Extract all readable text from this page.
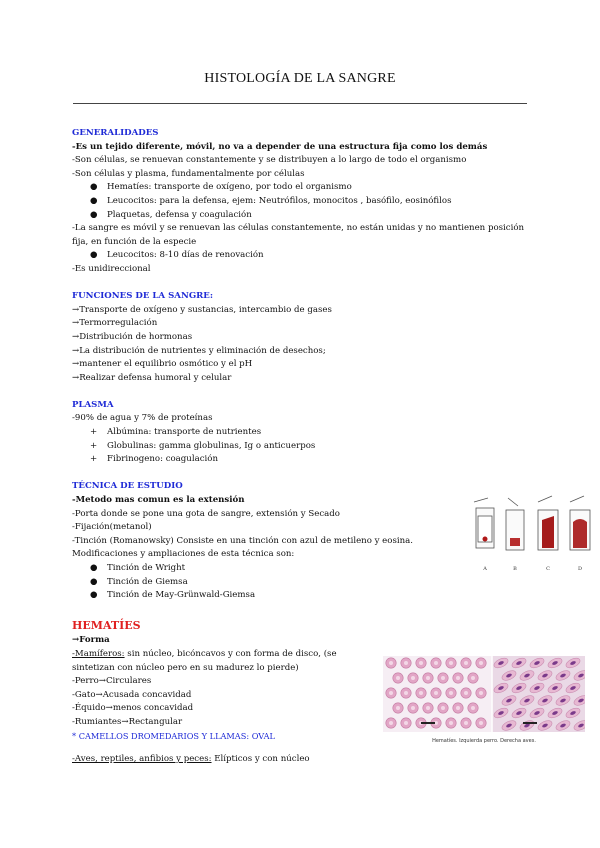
HISTOLOGÍA DE LA SANGRE
GENERALIDADES
-Es un tejido diferente, móvil, no va a depender de una estructura fija como los demás
-Son células, se renuevan constantemente y se distribuyen a lo largo de todo el organismo
-Son células y plasma, fundamentalmente por células
● Hematíes: transporte de oxígeno, por todo el organismo
● Leucocitos: para la defensa, ejem: Neutrófilos, monocitos , basófilo, eosinófilos
● Plaquetas, defensa y coagulación
-La sangre es móvil y se renuevan las células constantemente, no están unidas y no mantienen posición fija, en función de la especie
● Leucocitos: 8-10 días de renovación
-Es unidireccional
FUNCIONES DE LA SANGRE:
→Transporte de oxígeno y sustancias, intercambio de gases
→Termorregulación
→Distribución de hormonas
→La distribución de nutrientes y eliminación de desechos;
→mantener el equilibrio osmótico y el pH
→Realizar defensa humoral y celular
PLASMA
-90% de agua y 7% de proteínas
+ Albúmina: transporte de nutrientes
+ Globulinas: gamma globulinas, Ig o anticuerpos
+ Fibrinogeno: coagulación
TÉCNICA DE ESTUDIO
-Metodo mas comun es la extensión
-Porta donde se pone una gota de sangre, extensión y Secado
-Fijación(metanol)
-Tinción (Romanowsky) Consiste en una tinción con azul de metileno y eosina.
Modificaciones y ampliaciones de esta técnica son:
● Tinción de Wright
● Tinción de Giemsa
● Tinción de May-Grünwald-Giemsa
HEMATÍES
→Forma
-Mamíferos: sin núcleo, bicóncavos y con forma de disco, (se sintetizan con núcleo pero en su madurez lo pierde)
-Perro→Circulares
-Gato→Acusada concavidad
-Équido→menos concavidad
-Rumiantes→Rectangular
* CAMELLOS DROMEDARIOS Y LLAMAS: OVAL
-Aves, reptiles, anfibios y peces: Elípticos y con núcleo
A	B	C	D
Hematíes. Izquierda perro. Derecha aves.
